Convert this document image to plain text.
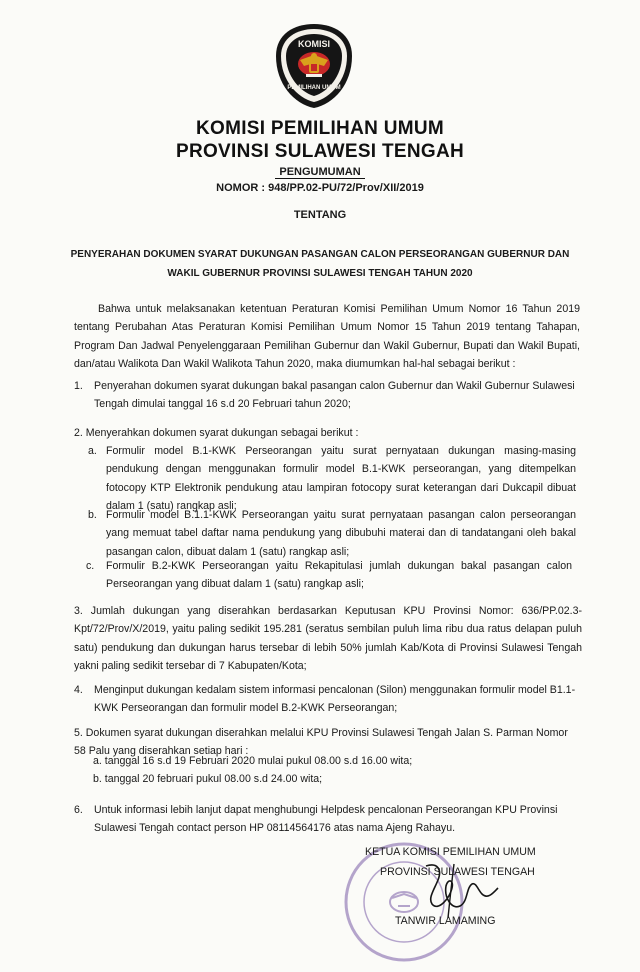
KOMISI
PEMILIHAN UMUM
KOMISI PEMILIHAN UMUM
PROVINSI SULAWESI TENGAH
PENGUMUMAN
NOMOR : 948/PP.02-PU/72/Prov/XII/2019
TENTANG
PENYERAHAN DOKUMEN SYARAT DUKUNGAN PASANGAN CALON PERSEORANGAN GUBERNUR DAN
WAKIL GUBERNUR PROVINSI SULAWESI TENGAH TAHUN 2020
Bahwa untuk melaksanakan ketentuan Peraturan Komisi Pemilihan Umum Nomor 16 Tahun 2019 tentang Perubahan Atas Peraturan Komisi Pemilihan Umum Nomor 15 Tahun 2019 tentang Tahapan, Program Dan Jadwal Penyelenggaraan Pemilihan Gubernur dan Wakil Gubernur, Bupati dan Wakil Bupati, dan/atau Walikota Dan Wakil Walikota Tahun 2020, maka diumumkan hal-hal sebagai berikut :
1. Penyerahan dokumen syarat dukungan bakal pasangan calon Gubernur dan Wakil Gubernur Sulawesi Tengah dimulai tanggal 16 s.d 20 Februari tahun 2020;
2. Menyerahkan dokumen syarat dukungan sebagai berikut :
a. Formulir model B.1-KWK Perseorangan yaitu surat pernyataan dukungan masing-masing pendukung dengan menggunakan formulir model B.1-KWK perseorangan, yang ditempelkan fotocopy KTP Elektronik pendukung atau lampiran fotocopy surat keterangan dari Dukcapil dibuat dalam 1 (satu) rangkap asli;
b. Formulir model B.1.1-KWK Perseorangan yaitu surat pernyataan pasangan calon perseorangan yang memuat tabel daftar nama pendukung yang dibubuhi materai dan di tandatangani oleh bakal pasangan calon, dibuat dalam 1 (satu) rangkap asli;
c. Formulir B.2-KWK Perseorangan yaitu Rekapitulasi jumlah dukungan bakal pasangan calon Perseorangan yang dibuat dalam 1 (satu) rangkap asli;
3. Jumlah dukungan yang diserahkan berdasarkan Keputusan KPU Provinsi Nomor: 636/PP.02.3-Kpt/72/Prov/X/2019, yaitu paling sedikit 195.281 (seratus sembilan puluh lima ribu dua ratus delapan puluh satu) pendukung dan dukungan harus tersebar di lebih 50% jumlah Kab/Kota di Provinsi Sulawesi Tengah yakni paling sedikit tersebar di 7 Kabupaten/Kota;
4. Menginput dukungan kedalam sistem informasi pencalonan (Silon) menggunakan formulir model B1.1-KWK Perseorangan dan formulir model B.2-KWK Perseorangan;
5. Dokumen syarat dukungan diserahkan melalui KPU Provinsi Sulawesi Tengah Jalan S. Parman Nomor 58 Palu yang diserahkan setiap hari :
a. tanggal 16 s.d 19 Februari 2020 mulai pukul 08.00 s.d 16.00 wita;
b. tanggal 20 februari pukul 08.00 s.d 24.00 wita;
6. Untuk informasi lebih lanjut dapat menghubungi Helpdesk pencalonan Perseorangan KPU Provinsi Sulawesi Tengah contact person HP 08114564176 atas nama Ajeng Rahayu.
KETUA KOMISI PEMILIHAN UMUM
PROVINSI SULAWESI TENGAH
TANWIR LAMAMING
